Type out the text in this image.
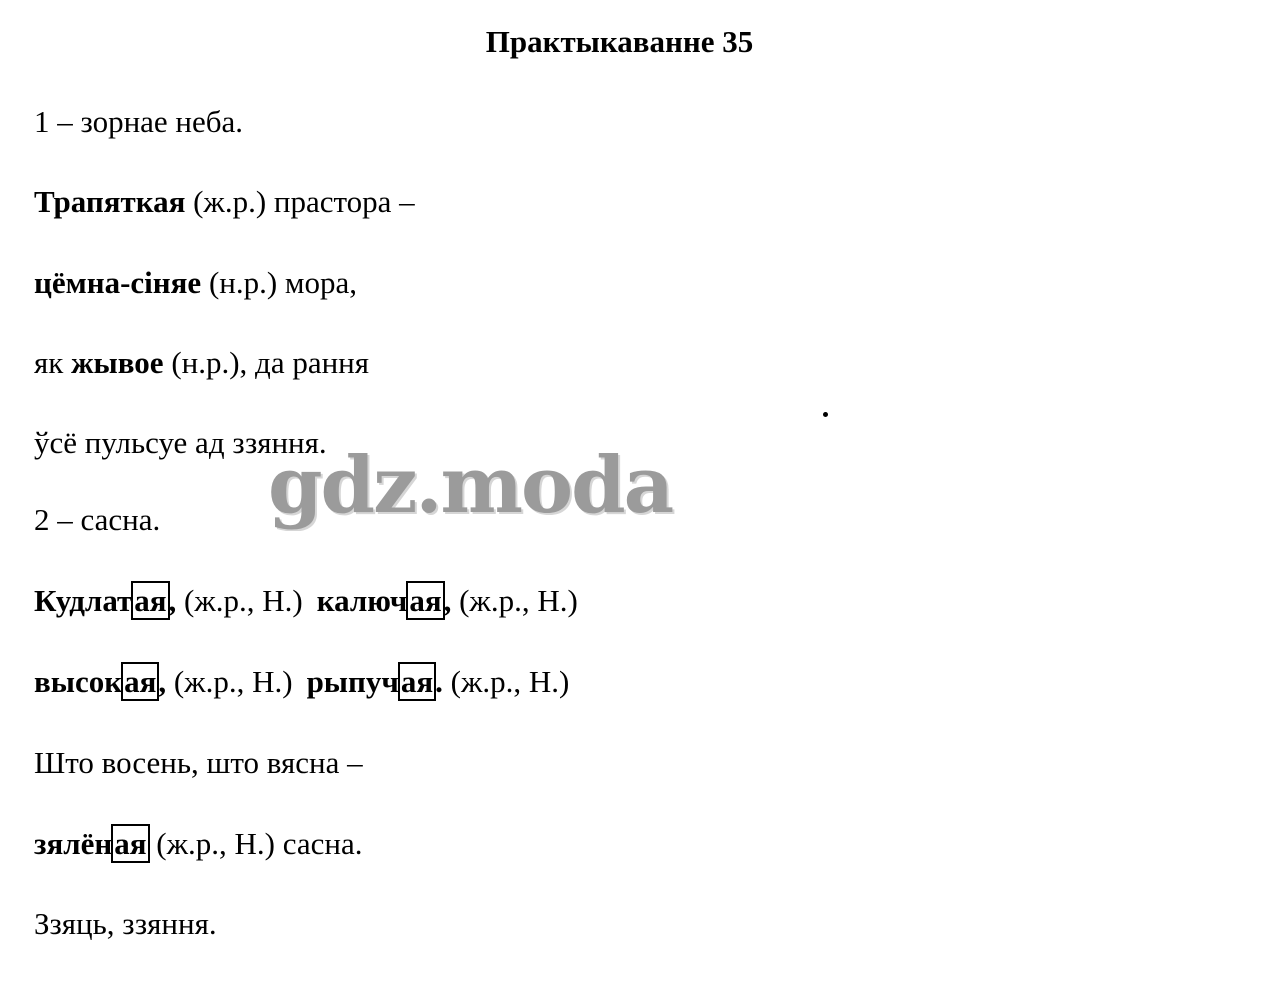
Практыкаванне 35
1 – зорнае неба.
Трапяткая (ж.р.) прастора –
цёмна-сіняе (н.р.) мора,
як жывое (н.р.), да рання
ўсё пульсуе ад ззяння.
2 – сасна.
Кудлатая, (ж.р., Н.) калючая, (ж.р., Н.)
высокая, (ж.р., Н.) рыпучая. (ж.р., Н.)
Што восень, што вясна –
зялёная (ж.р., Н.) сасна.
Ззяць, ззяння.
gdz.moda
